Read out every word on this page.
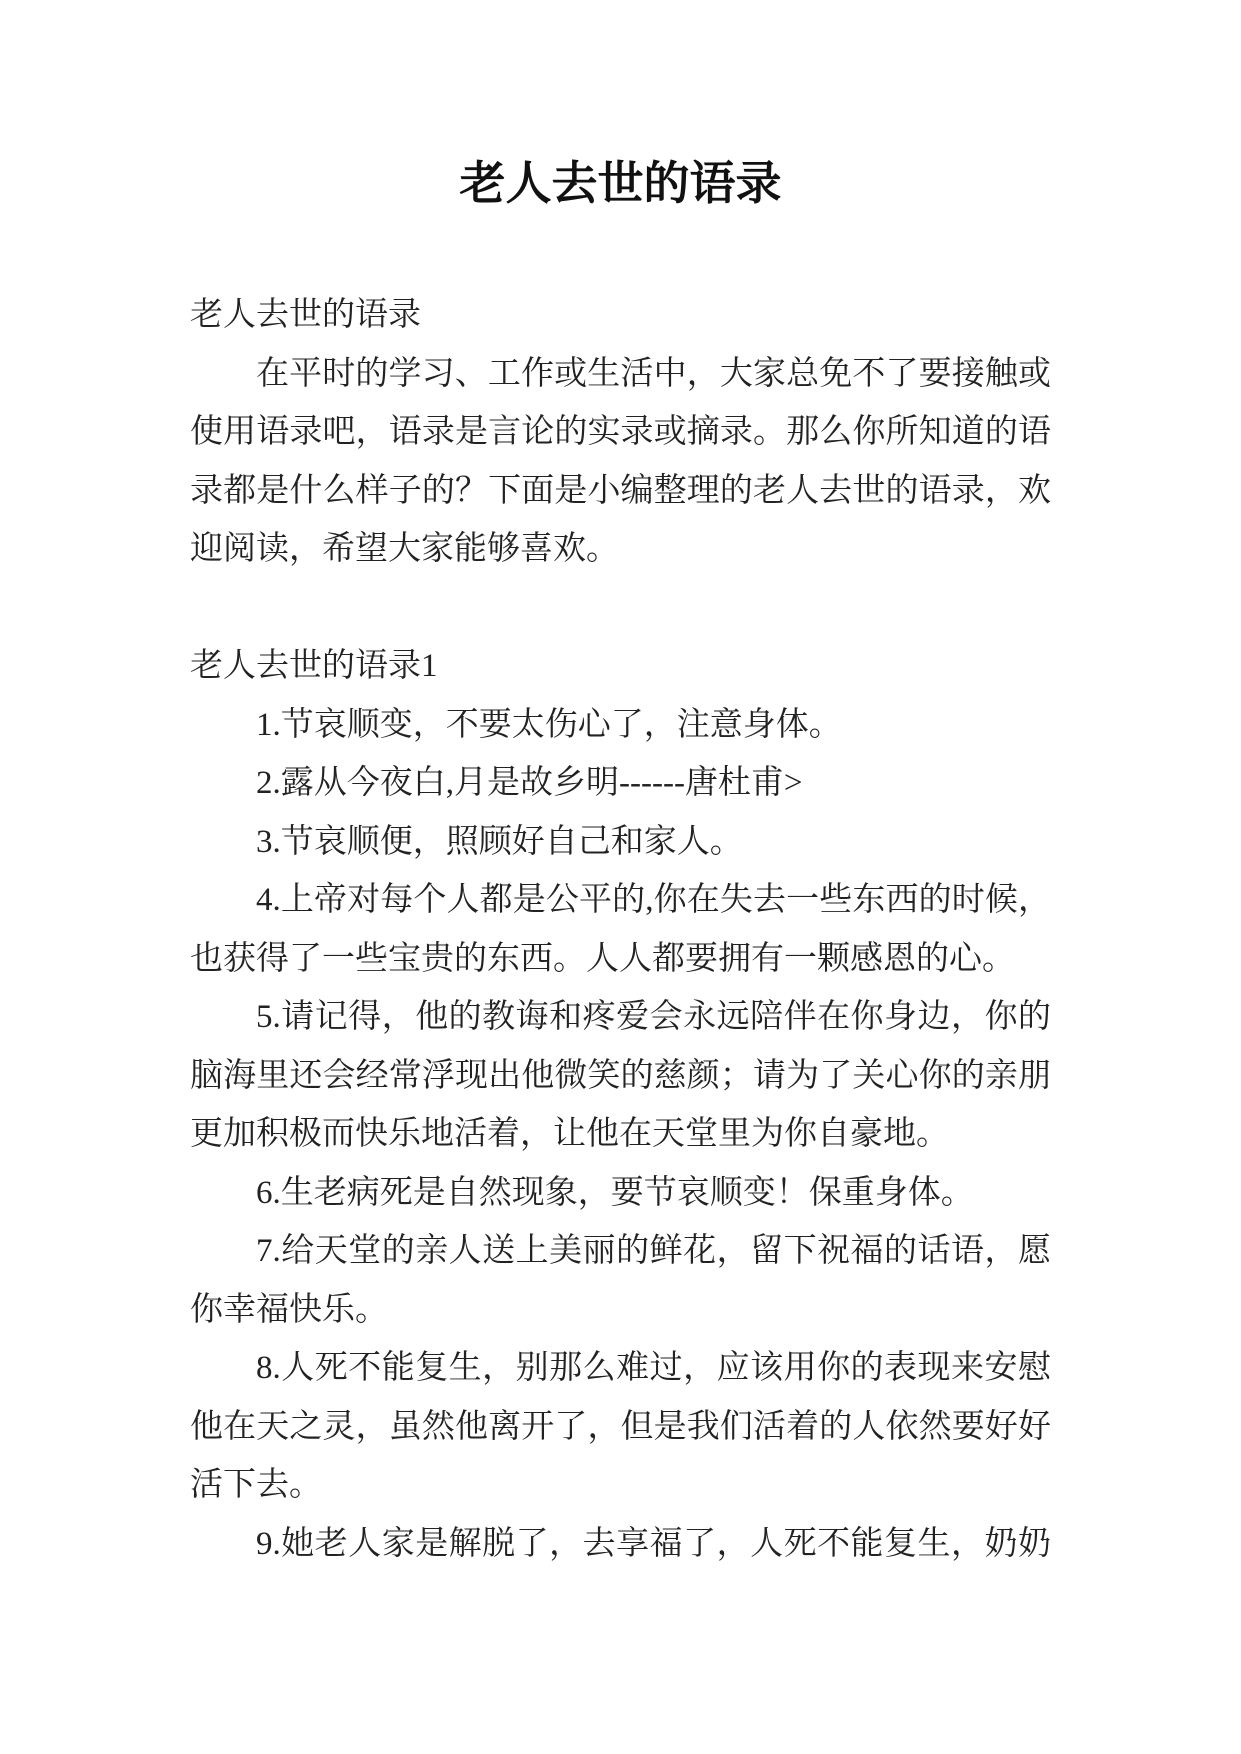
老人去世的语录
老人去世的语录
在平时的学习、工作或生活中，大家总免不了要接触或
使用语录吧，语录是言论的实录或摘录。那么你所知道的语
录都是什么样子的？下面是小编整理的老人去世的语录，欢
迎阅读，希望大家能够喜欢。
老人去世的语录1
1.节哀顺变，不要太伤心了，注意身体。
2.露从今夜白,月是故乡明------唐杜甫>
3.节哀顺便，照顾好自己和家人。
4.上帝对每个人都是公平的,你在失去一些东西的时候，
也获得了一些宝贵的东西。人人都要拥有一颗感恩的心。
5.请记得，他的教诲和疼爱会永远陪伴在你身边，你的
脑海里还会经常浮现出他微笑的慈颜；请为了关心你的亲朋
更加积极而快乐地活着，让他在天堂里为你自豪地。
6.生老病死是自然现象，要节哀顺变！保重身体。
7.给天堂的亲人送上美丽的鲜花，留下祝福的话语，愿
你幸福快乐。
8.人死不能复生，别那么难过，应该用你的表现来安慰
他在天之灵，虽然他离开了，但是我们活着的人依然要好好
活下去。
9.她老人家是解脱了，去享福了，人死不能复生，奶奶
